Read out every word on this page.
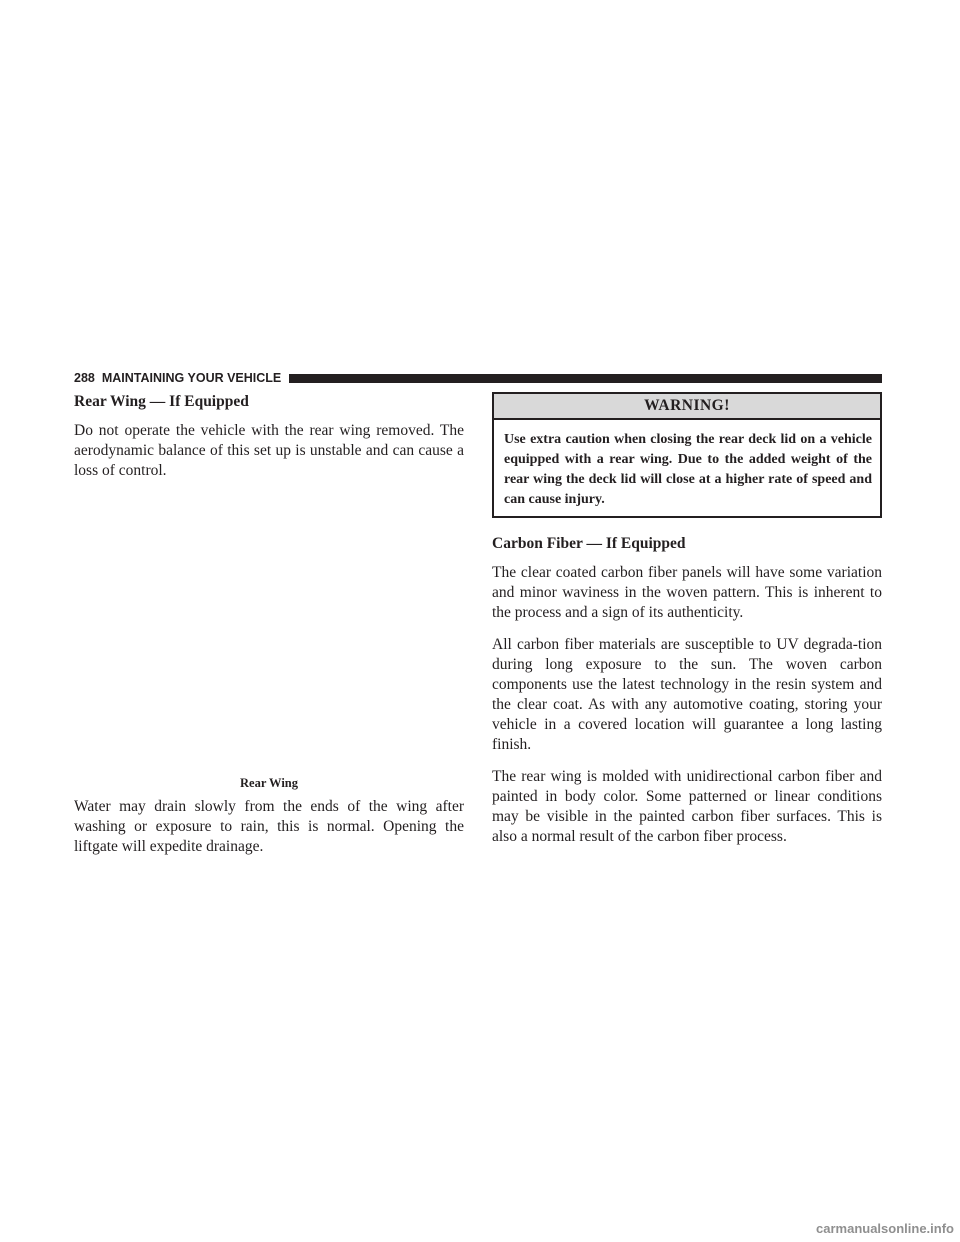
288 MAINTAINING YOUR VEHICLE
Rear Wing — If Equipped

Do not operate the vehicle with the rear wing removed. The aerodynamic balance of this set up is unstable and can cause a loss of control.

Rear Wing

Water may drain slowly from the ends of the wing after washing or exposure to rain, this is normal. Opening the liftgate will expedite drainage.

WARNING!
Use extra caution when closing the rear deck lid on a vehicle equipped with a rear wing. Due to the added weight of the rear wing the deck lid will close at a higher rate of speed and can cause injury.
Carbon Fiber — If Equipped

The clear coated carbon fiber panels will have some variation and minor waviness in the woven pattern. This is inherent to the process and a sign of its authenticity.

All carbon fiber materials are susceptible to UV degrada-tion during long exposure to the sun. The woven carbon components use the latest technology in the resin system and the clear coat. As with any automotive coating, storing your vehicle in a covered location will guarantee a long lasting finish.

The rear wing is molded with unidirectional carbon fiber and painted in body color. Some patterned or linear conditions may be visible in the painted carbon fiber surfaces. This is also a normal result of the carbon fiber process.

carmanualsonline.info
